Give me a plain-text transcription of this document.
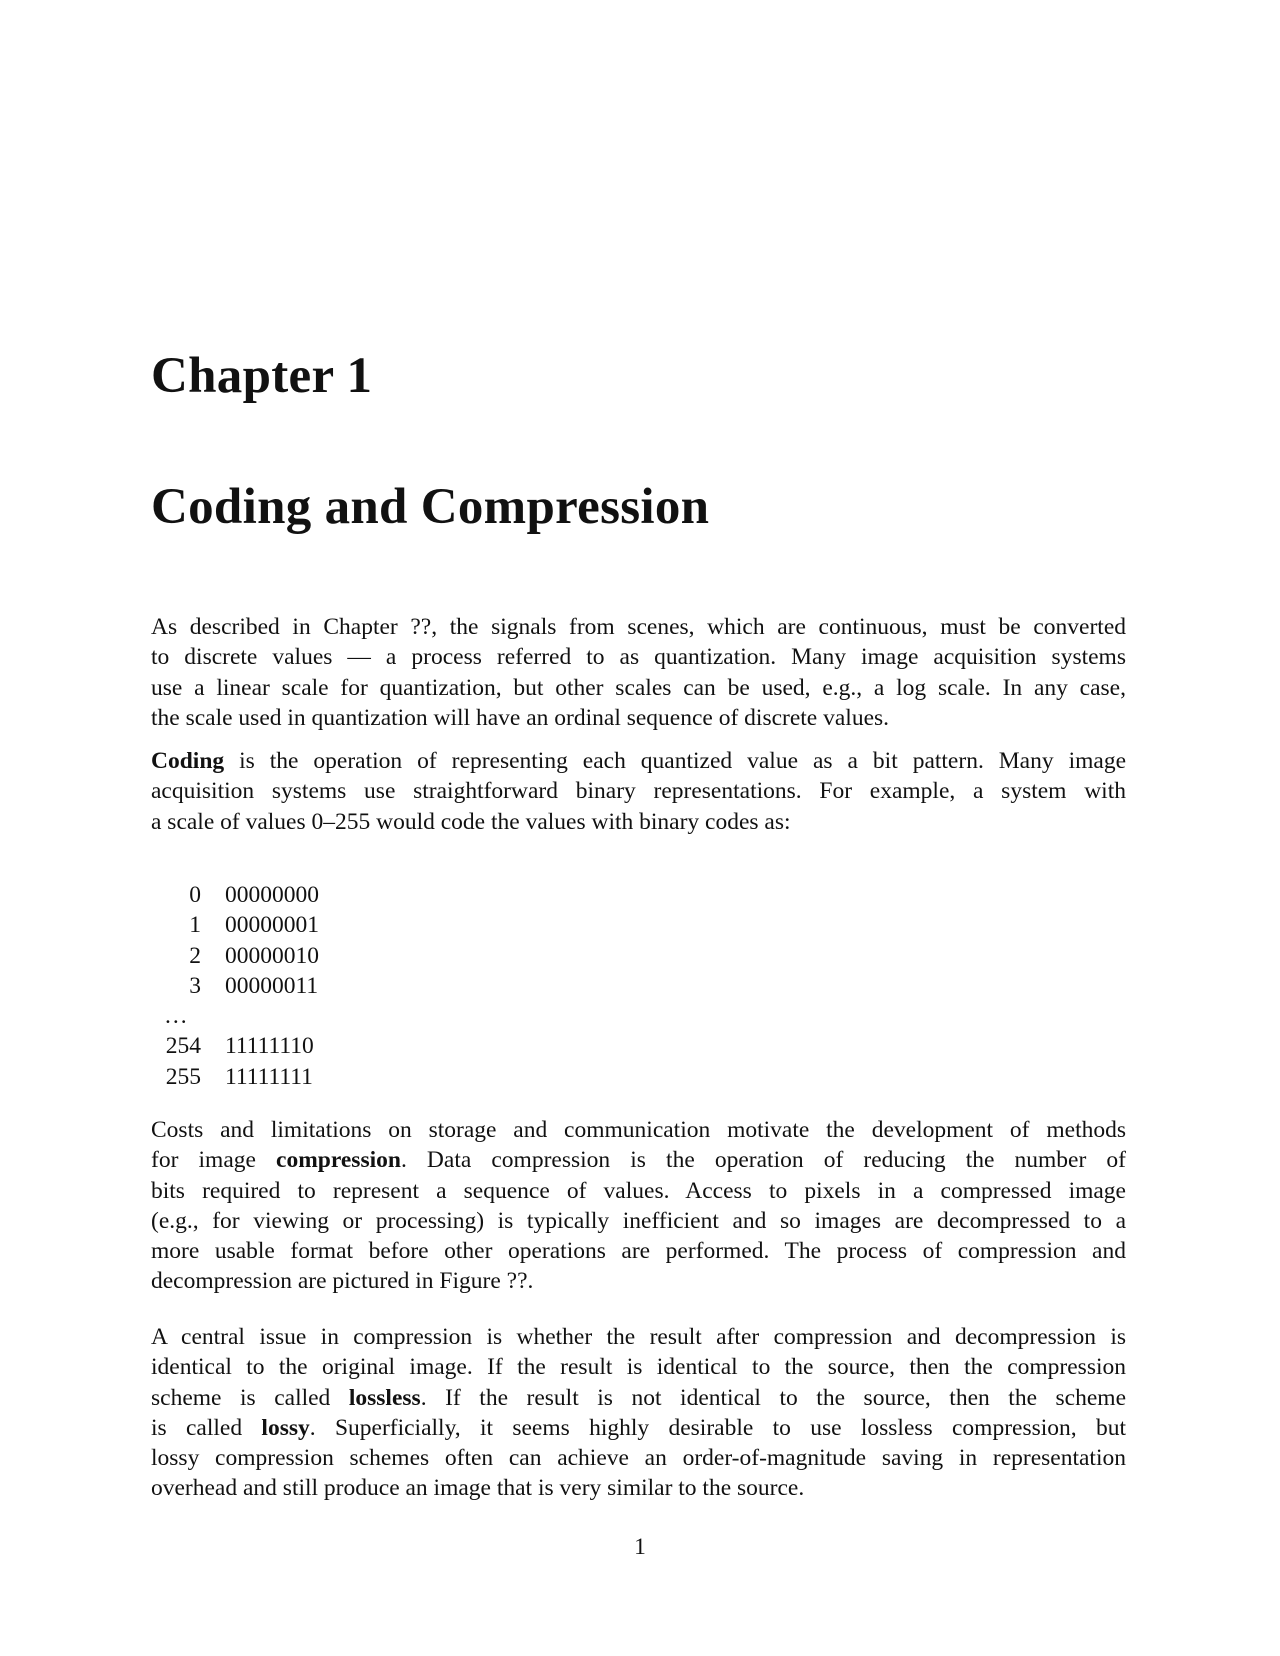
Chapter 1
Coding and Compression

As described in Chapter ??, the signals from scenes, which are continuous, must be converted
to discrete values — a process referred to as quantization. Many image acquisition systems
use a linear scale for quantization, but other scales can be used, e.g., a log scale. In any case,
the scale used in quantization will have an ordinal sequence of discrete values.

Coding is the operation of representing each quantized value as a bit pattern. Many image
acquisition systems use straightforward binary representations. For example, a system with
a scale of values 0–255 would code the values with binary codes as:

0 00000000
1 00000001
2 00000010
3 00000011
...
254 11111110
255 11111111

Costs and limitations on storage and communication motivate the development of methods
for image compression. Data compression is the operation of reducing the number of
bits required to represent a sequence of values. Access to pixels in a compressed image
(e.g., for viewing or processing) is typically inefficient and so images are decompressed to a
more usable format before other operations are performed. The process of compression and
decompression are pictured in Figure ??.

A central issue in compression is whether the result after compression and decompression is
identical to the original image. If the result is identical to the source, then the compression
scheme is called lossless. If the result is not identical to the source, then the scheme
is called lossy. Superficially, it seems highly desirable to use lossless compression, but
lossy compression schemes often can achieve an order-of-magnitude saving in representation
overhead and still produce an image that is very similar to the source.

1
